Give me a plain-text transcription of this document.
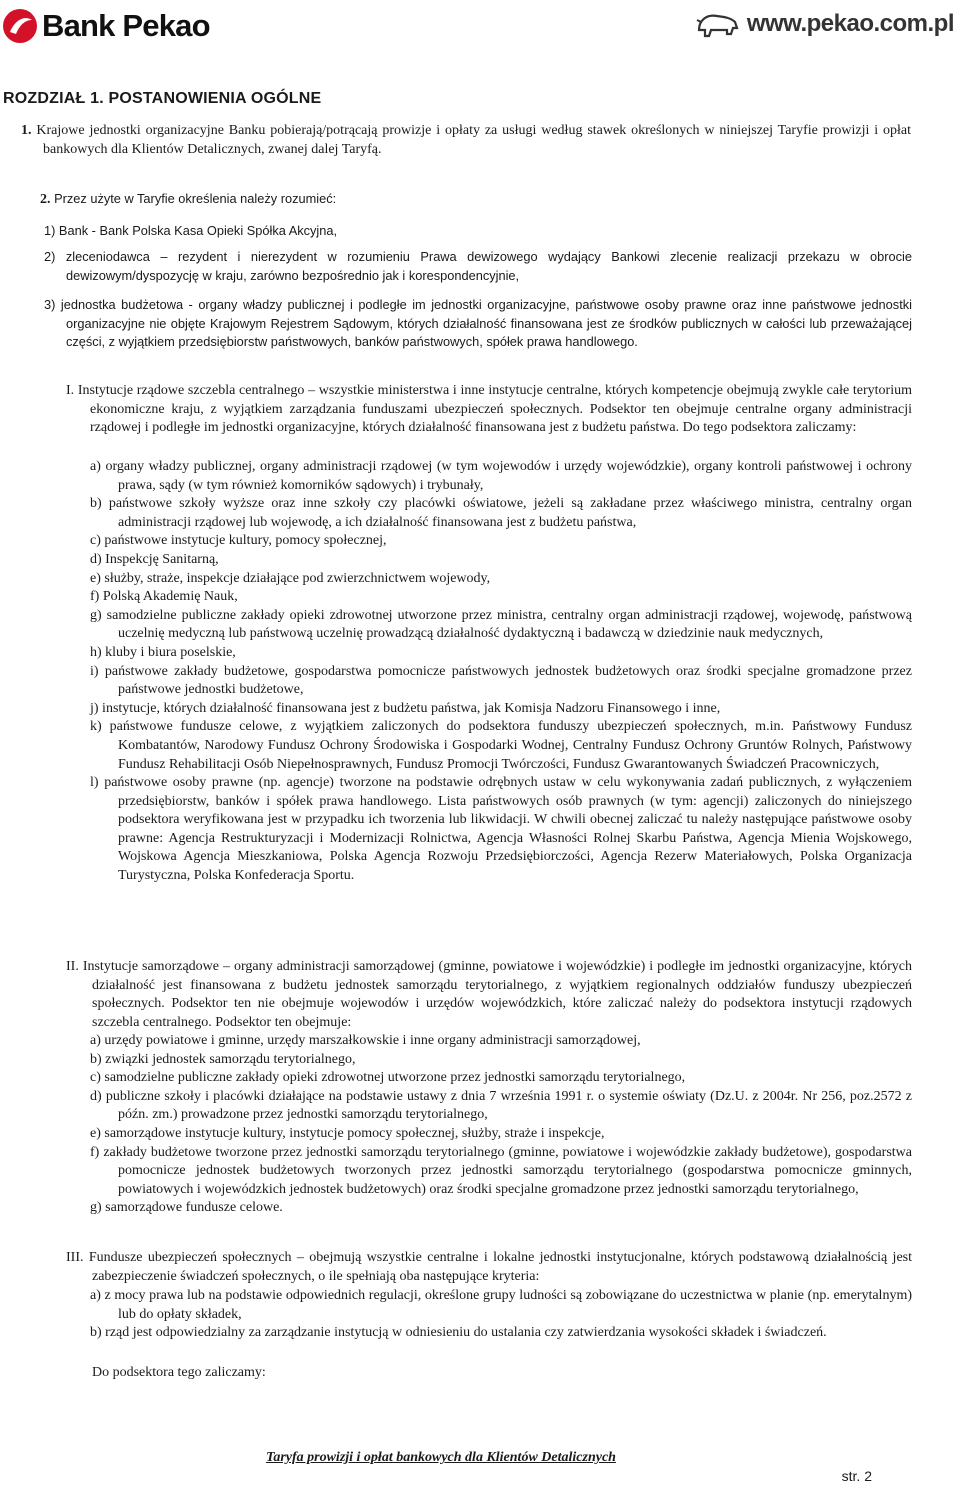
Bank Pekao	www.pekao.com.pl
ROZDZIAŁ 1. POSTANOWIENIA OGÓLNE
1. Krajowe jednostki organizacyjne Banku pobierają/potrącają prowizje i opłaty za usługi według stawek określonych w niniejszej Taryfie prowizji i opłat bankowych dla Klientów Detalicznych, zwanej dalej Taryfą.
2. Przez użyte w Taryfie określenia należy rozumieć:
1) Bank - Bank Polska Kasa Opieki Spółka Akcyjna,
2) zleceniodawca – rezydent i nierezydent w rozumieniu Prawa dewizowego wydający Bankowi zlecenie realizacji przekazu w obrocie dewizowym/dyspozycję w kraju, zarówno bezpośrednio jak i korespondencyjnie,
3) jednostka budżetowa - organy władzy publicznej i podległe im jednostki organizacyjne, państwowe osoby prawne oraz inne państwowe jednostki organizacyjne nie objęte Krajowym Rejestrem Sądowym, których działalność finansowana jest ze środków publicznych w całości lub przeważającej części, z wyjątkiem przedsiębiorstw państwowych, banków państwowych, spółek prawa handlowego.
I. Instytucje rządowe szczebla centralnego – wszystkie ministerstwa i inne instytucje centralne, których kompetencje obejmują zwykle całe terytorium ekonomiczne kraju, z wyjątkiem zarządzania funduszami ubezpieczeń społecznych. Podsektor ten obejmuje centralne organy administracji rządowej i podległe im jednostki organizacyjne, których działalność finansowana jest z budżetu państwa. Do tego podsektora zaliczamy:
a) organy władzy publicznej, organy administracji rządowej (w tym wojewodów i urzędy wojewódzkie), organy kontroli państwowej i ochrony prawa, sądy (w tym również komorników sądowych) i trybunały,
b) państwowe szkoły wyższe oraz inne szkoły czy placówki oświatowe, jeżeli są zakładane przez właściwego ministra, centralny organ administracji rządowej lub wojewodę, a ich działalność finansowana jest z budżetu państwa,
c) państwowe instytucje kultury, pomocy społecznej,
d) Inspekcję Sanitarną,
e) służby, straże, inspekcje działające pod zwierzchnictwem wojewody,
f) Polską Akademię Nauk,
g) samodzielne publiczne zakłady opieki zdrowotnej utworzone przez ministra, centralny organ administracji rządowej, wojewodę, państwową uczelnię medyczną lub państwową uczelnię prowadzącą działalność dydaktyczną i badawczą w dziedzinie nauk medycznych,
h) kluby i biura poselskie,
i) państwowe zakłady budżetowe, gospodarstwa pomocnicze państwowych jednostek budżetowych oraz środki specjalne gromadzone przez państwowe jednostki budżetowe,
j) instytucje, których działalność finansowana jest z budżetu państwa, jak Komisja Nadzoru Finansowego i inne,
k) państwowe fundusze celowe, z wyjątkiem zaliczonych do podsektora funduszy ubezpieczeń społecznych, m.in. Państwowy Fundusz Kombatantów, Narodowy Fundusz Ochrony Środowiska i Gospodarki Wodnej, Centralny Fundusz Ochrony Gruntów Rolnych, Państwowy Fundusz Rehabilitacji Osób Niepełnosprawnych, Fundusz Promocji Twórczości, Fundusz Gwarantowanych Świadczeń Pracowniczych,
l) państwowe osoby prawne (np. agencje) tworzone na podstawie odrębnych ustaw w celu wykonywania zadań publicznych, z wyłączeniem przedsiębiorstw, banków i spółek prawa handlowego. Lista państwowych osób prawnych (w tym: agencji) zaliczonych do niniejszego podsektora weryfikowana jest w przypadku ich tworzenia lub likwidacji. W chwili obecnej zaliczać tu należy następujące państwowe osoby prawne: Agencja Restrukturyzacji i Modernizacji Rolnictwa, Agencja Własności Rolnej Skarbu Państwa, Agencja Mienia Wojskowego, Wojskowa Agencja Mieszkaniowa, Polska Agencja Rozwoju Przedsiębiorczości, Agencja Rezerw Materiałowych, Polska Organizacja Turystyczna, Polska Konfederacja Sportu.
II. Instytucje samorządowe – organy administracji samorządowej (gminne, powiatowe i wojewódzkie) i podległe im jednostki organizacyjne, których działalność jest finansowana z budżetu jednostek samorządu terytorialnego, z wyjątkiem regionalnych oddziałów funduszy ubezpieczeń społecznych. Podsektor ten nie obejmuje wojewodów i urzędów wojewódzkich, które zaliczać należy do podsektora instytucji rządowych szczebla centralnego. Podsektor ten obejmuje:
a) urzędy powiatowe i gminne, urzędy marszałkowskie i inne organy administracji samorządowej,
b) związki jednostek samorządu terytorialnego,
c) samodzielne publiczne zakłady opieki zdrowotnej utworzone przez jednostki samorządu terytorialnego,
d) publiczne szkoły i placówki działające na podstawie ustawy z dnia 7 września 1991 r. o systemie oświaty (Dz.U. z 2004r. Nr 256, poz.2572 z późn. zm.) prowadzone przez jednostki samorządu terytorialnego,
e) samorządowe instytucje kultury, instytucje pomocy społecznej, służby, straże i inspekcje,
f) zakłady budżetowe tworzone przez jednostki samorządu terytorialnego (gminne, powiatowe i wojewódzkie zakłady budżetowe), gospodarstwa pomocnicze jednostek budżetowych tworzonych przez jednostki samorządu terytorialnego (gospodarstwa pomocnicze gminnych, powiatowych i wojewódzkich jednostek budżetowych) oraz środki specjalne gromadzone przez jednostki samorządu terytorialnego,
g) samorządowe fundusze celowe.
III. Fundusze ubezpieczeń społecznych – obejmują wszystkie centralne i lokalne jednostki instytucjonalne, których podstawową działalnością jest zabezpieczenie świadczeń społecznych, o ile spełniają oba następujące kryteria:
a) z mocy prawa lub na podstawie odpowiednich regulacji, określone grupy ludności są zobowiązane do uczestnictwa w planie (np. emerytalnym) lub do opłaty składek,
b) rząd jest odpowiedzialny za zarządzanie instytucją w odniesieniu do ustalania czy zatwierdzania wysokości składek i świadczeń.
Do podsektora tego zaliczamy:
Taryfa prowizji i opłat bankowych dla Klientów Detalicznych
str. 2
